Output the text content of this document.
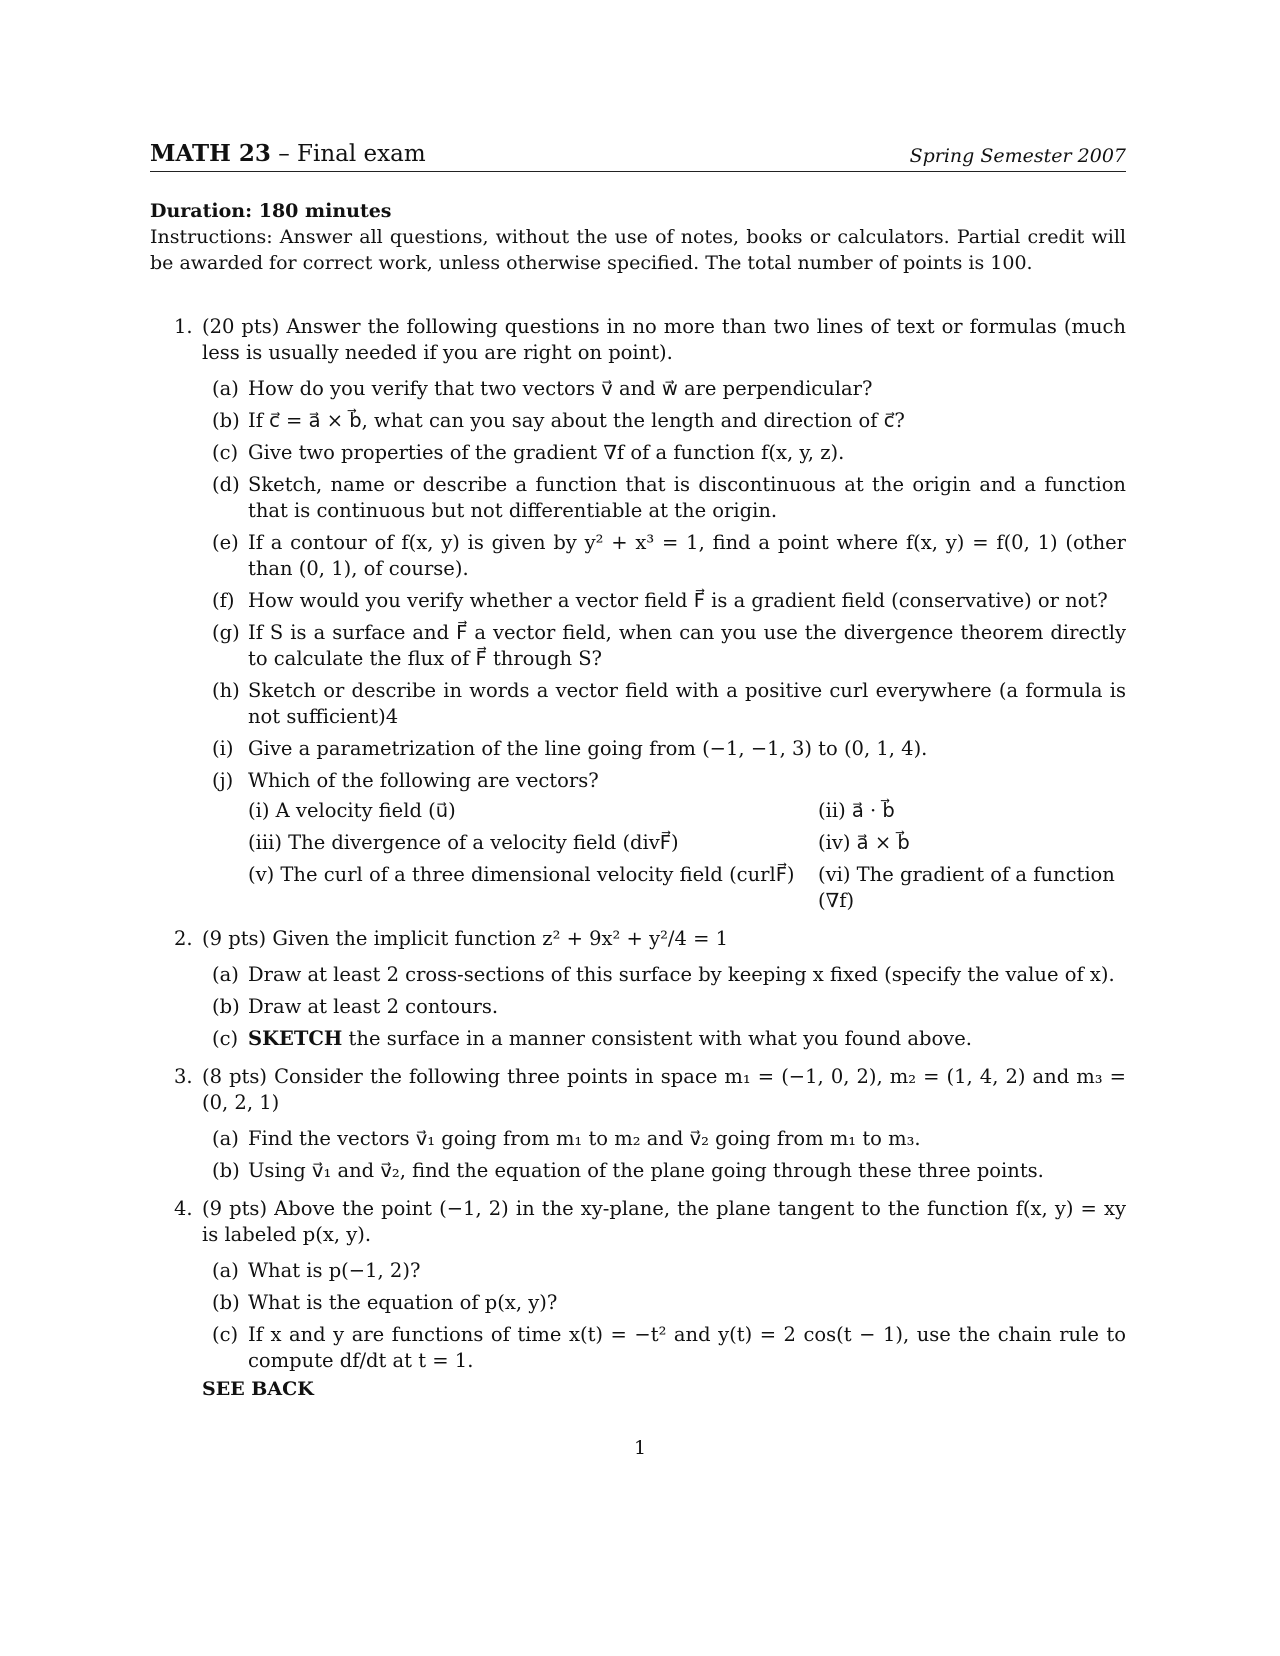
MATH 23 – Final exam	Spring Semester 2007
Duration: 180 minutes
Instructions: Answer all questions, without the use of notes, books or calculators. Partial credit will be awarded for correct work, unless otherwise specified. The total number of points is 100.
1. (20 pts) Answer the following questions in no more than two lines of text or formulas (much less is usually needed if you are right on point).
(a) How do you verify that two vectors v⃗ and w⃗ are perpendicular?
(b) If c⃗ = a⃗ × b⃗, what can you say about the length and direction of c⃗?
(c) Give two properties of the gradient ∇f of a function f(x, y, z).
(d) Sketch, name or describe a function that is discontinuous at the origin and a function that is continuous but not differentiable at the origin.
(e) If a contour of f(x, y) is given by y² + x³ = 1, find a point where f(x, y) = f(0, 1) (other than (0, 1), of course).
(f) How would you verify whether a vector field F⃗ is a gradient field (conservative) or not?
(g) If S is a surface and F⃗ a vector field, when can you use the divergence theorem directly to calculate the flux of F⃗ through S?
(h) Sketch or describe in words a vector field with a positive curl everywhere (a formula is not sufficient)4
(i) Give a parametrization of the line going from (−1, −1, 3) to (0, 1, 4).
(j) Which of the following are vectors?
(i) A velocity field (u⃗)	(ii) a⃗ · b⃗
(iii) The divergence of a velocity field (divF⃗)	(iv) a⃗ × b⃗
(v) The curl of a three dimensional velocity field (curlF⃗)	(vi) The gradient of a function (∇f)
2. (9 pts) Given the implicit function z² + 9x² + y²/4 = 1
(a) Draw at least 2 cross-sections of this surface by keeping x fixed (specify the value of x).
(b) Draw at least 2 contours.
(c) SKETCH the surface in a manner consistent with what you found above.
3. (8 pts) Consider the following three points in space m₁ = (−1, 0, 2), m₂ = (1, 4, 2) and m₃ = (0, 2, 1)
(a) Find the vectors v⃗₁ going from m₁ to m₂ and v⃗₂ going from m₁ to m₃.
(b) Using v⃗₁ and v⃗₂, find the equation of the plane going through these three points.
4. (9 pts) Above the point (−1, 2) in the xy-plane, the plane tangent to the function f(x, y) = xy is labeled p(x, y).
(a) What is p(−1, 2)?
(b) What is the equation of p(x, y)?
(c) If x and y are functions of time x(t) = −t² and y(t) = 2 cos(t − 1), use the chain rule to compute df/dt at t = 1.
SEE BACK
1
